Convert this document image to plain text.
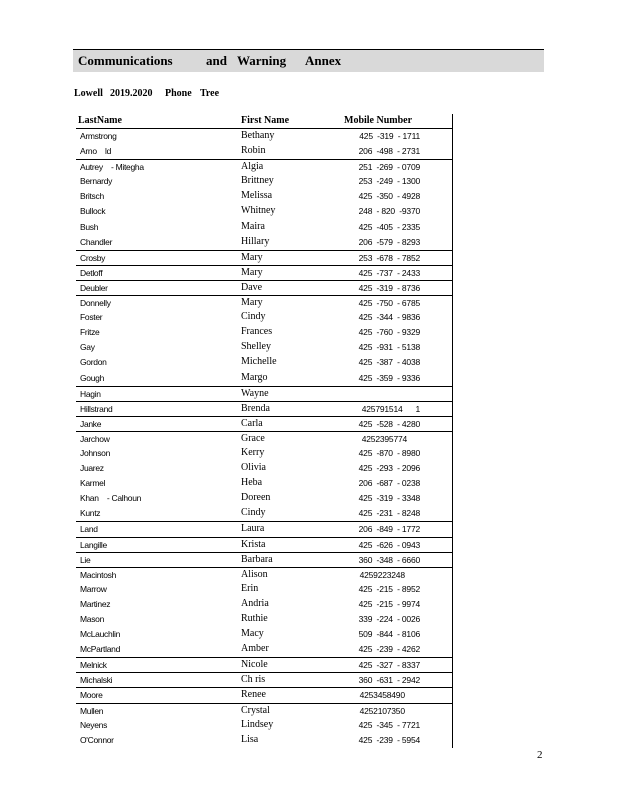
Communications	and Warning Annex
Lowell 2019.2020 Phone Tree
LastName	First Name	Mobile Number
Armstrong	Bethany	425  -319  - 1711
Arno    ld	Robin	206  -498  - 2731
Autrey    - Mitegha	Algia	251  -269  - 0709
Bernardy	Brittney	253  -249  - 1300
Britsch	Melissa	425  -350  - 4928
Bullock	Whitney	248  - 820  -9370
Bush	Maira	425  -405  - 2335
Chandler	Hillary	206  -579  - 8293
Crosby	Mary	253  -678  - 7852
Detloff	Mary	425  -737  - 2433
Deubler	Dave	425  -319  - 8736
Donnelly	Mary	425  -750  - 6785
Foster	Cindy	425  -344  - 9836
Fritze	Frances	425  -760  - 9329
Gay	Shelley	425  -931  - 5138
Gordon	Michelle	425  -387  - 4038
Gough	Margo	425  -359  - 9336
Hagin	Wayne
Hillstrand	Brenda	425791514      1
Janke	Carla	425  -528  - 4280
Jarchow	Grace	4252395774
Johnson	Kerry	425  -870  - 8980
Juarez	Olivia	425  -293  - 2096
Karmel	Heba	206  -687  - 0238
Khan    - Calhoun	Doreen	425  -319  - 3348
Kuntz	Cindy	425  -231  - 8248
Land	Laura	206  -849  - 1772
Langille	Krista	425  -626  - 0943
Lie	Barbara	360  -348  - 6660
Macintosh	Alison	4259223248
Marrow	Erin	425  -215  - 8952
Martinez	Andria	425  -215  - 9974
Mason	Ruthie	339  -224  - 0026
McLauchlin	Macy	509  -844  - 8106
McPartland	Amber	425  -239  - 4262
Melnick	Nicole	425  -327  - 8337
Michalski	Ch ris	360  -631  - 2942
Moore	Renee	4253458490
Mullen	Crystal	4252107350
Neyens	Lindsey	425  -345  - 7721
O'Connor	Lisa	425  -239  - 5954
2
